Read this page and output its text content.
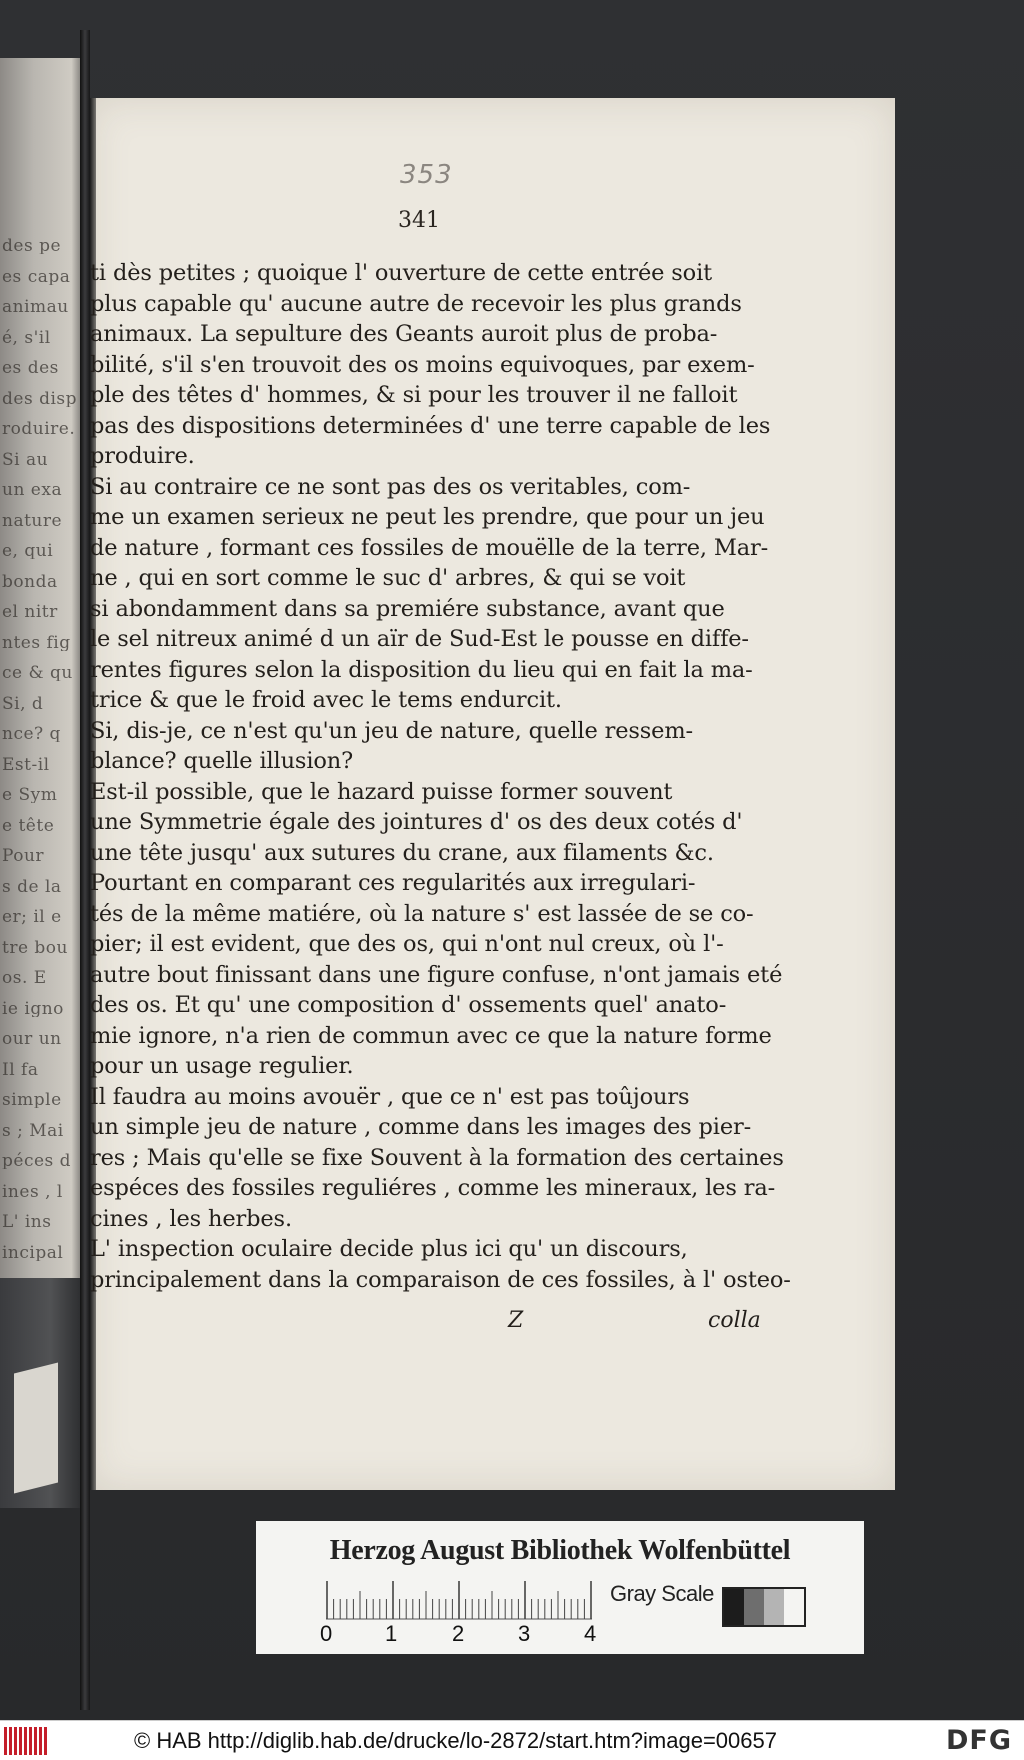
incipal
L' ins
ines , l
péces d
s ; Mai
simple
Il fa
our un
ie igno
os. E
tre bou
er; il e
s de la
Pour
e tête
e Sym
Est-il
nce? q
Si, d
ce & qu
ntes fig
el nitr
bonda
e, qui
nature
un exa
Si au
roduire.
des disp
es des
é, s'il
animau
es capa
des pe
353
341
ti dès petites ; quoique l' ouverture de cette entrée soit
plus capable qu' aucune autre de recevoir les plus grands
animaux. La sepulture des Geants auroit plus de proba-
bilité, s'il s'en trouvoit des os moins equivoques, par exem-
ple des têtes d' hommes, & si pour les trouver il ne falloit
pas des dispositions determinées d' une terre capable de les
produire.
Si au contraire ce ne sont pas des os veritables, com-
me un examen serieux ne peut les prendre, que pour un jeu
de nature , formant ces fossiles de mouëlle de la terre, Mar-
ne , qui en sort comme le suc d' arbres, & qui se voit
si abondamment dans sa premiére substance, avant que
le sel nitreux animé d un aïr de Sud-Est le pousse en diffe-
rentes figures selon la disposition du lieu qui en fait la ma-
trice & que le froid avec le tems endurcit.
Si, dis-je, ce n'est qu'un jeu de nature, quelle ressem-
blance? quelle illusion?
Est-il possible, que le hazard puisse former souvent
une Symmetrie égale des jointures d' os des deux cotés d'
une tête jusqu' aux sutures du crane, aux filaments &c.
Pourtant en comparant ces regularités aux irregulari-
tés de la même matiére, où la nature s' est lassée de se co-
pier; il est evident, que des os, qui n'ont nul creux, où l'-
autre bout finissant dans une figure confuse, n'ont jamais eté
des os. Et qu' une composition d' ossements quel' anato-
mie ignore, n'a rien de commun avec ce que la nature forme
pour un usage regulier.
Il faudra au moins avouër , que ce n' est pas toûjours
un simple jeu de nature , comme dans les images des pier-
res ; Mais qu'elle se fixe Souvent à la formation des certaines
espéces des fossiles reguliéres , comme les mineraux, les ra-
cines , les herbes.
L' inspection oculaire decide plus ici qu' un discours,
principalement dans la comparaison de ces fossiles, à l' osteo-
Z	colla
Herzog August Bibliothek Wolfenbüttel
0 1 2 3 4
Gray Scale
© HAB http://diglib.hab.de/drucke/lo-2872/start.htm?image=00657	DFG
